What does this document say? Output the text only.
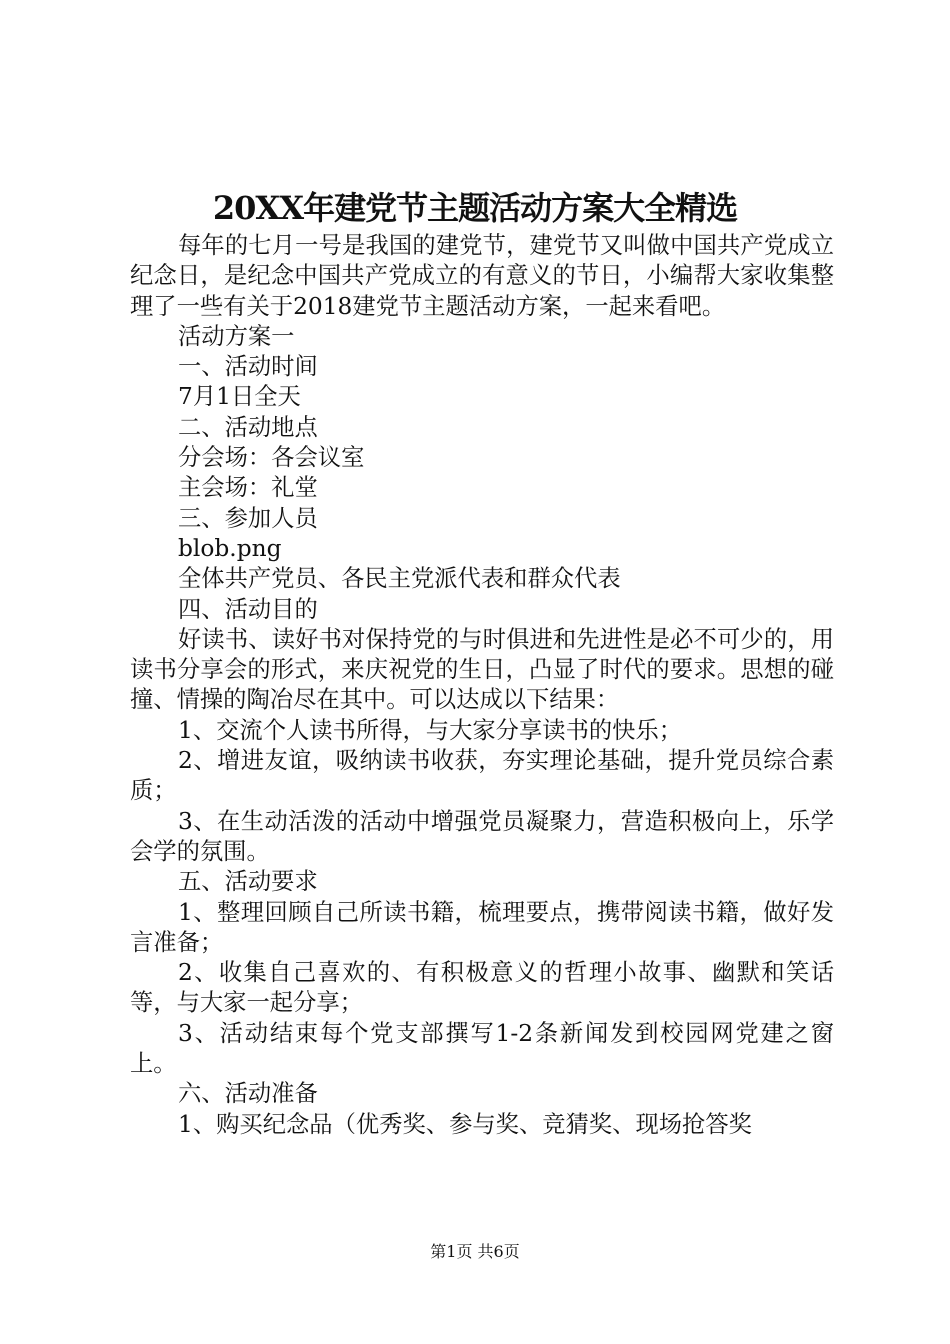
20XX年建党节主题活动方案大全精选

每年的七月一号是我国的建党节，建党节又叫做中国共产党成立纪念日，是纪念中国共产党成立的有意义的节日，小编帮大家收集整理了一些有关于2018建党节主题活动方案，一起来看吧。

活动方案一

一、活动时间

7月1日全天

二、活动地点

分会场：各会议室

主会场：礼堂

三、参加人员

blob.png

全体共产党员、各民主党派代表和群众代表

四、活动目的

好读书、读好书对保持党的与时俱进和先进性是必不可少的，用读书分享会的形式，来庆祝党的生日，凸显了时代的要求。思想的碰撞、情操的陶冶尽在其中。可以达成以下结果：

1、交流个人读书所得，与大家分享读书的快乐；

2、增进友谊，吸纳读书收获，夯实理论基础，提升党员综合素质；

3、在生动活泼的活动中增强党员凝聚力，营造积极向上，乐学会学的氛围。

五、活动要求

1、整理回顾自己所读书籍，梳理要点，携带阅读书籍，做好发言准备；

2、收集自己喜欢的、有积极意义的哲理小故事、幽默和笑话等，与大家一起分享；

3、活动结束每个党支部撰写1-2条新闻发到校园网党建之窗上。

六、活动准备

1、购买纪念品（优秀奖、参与奖、竞猜奖、现场抢答奖

第1页 共6页
